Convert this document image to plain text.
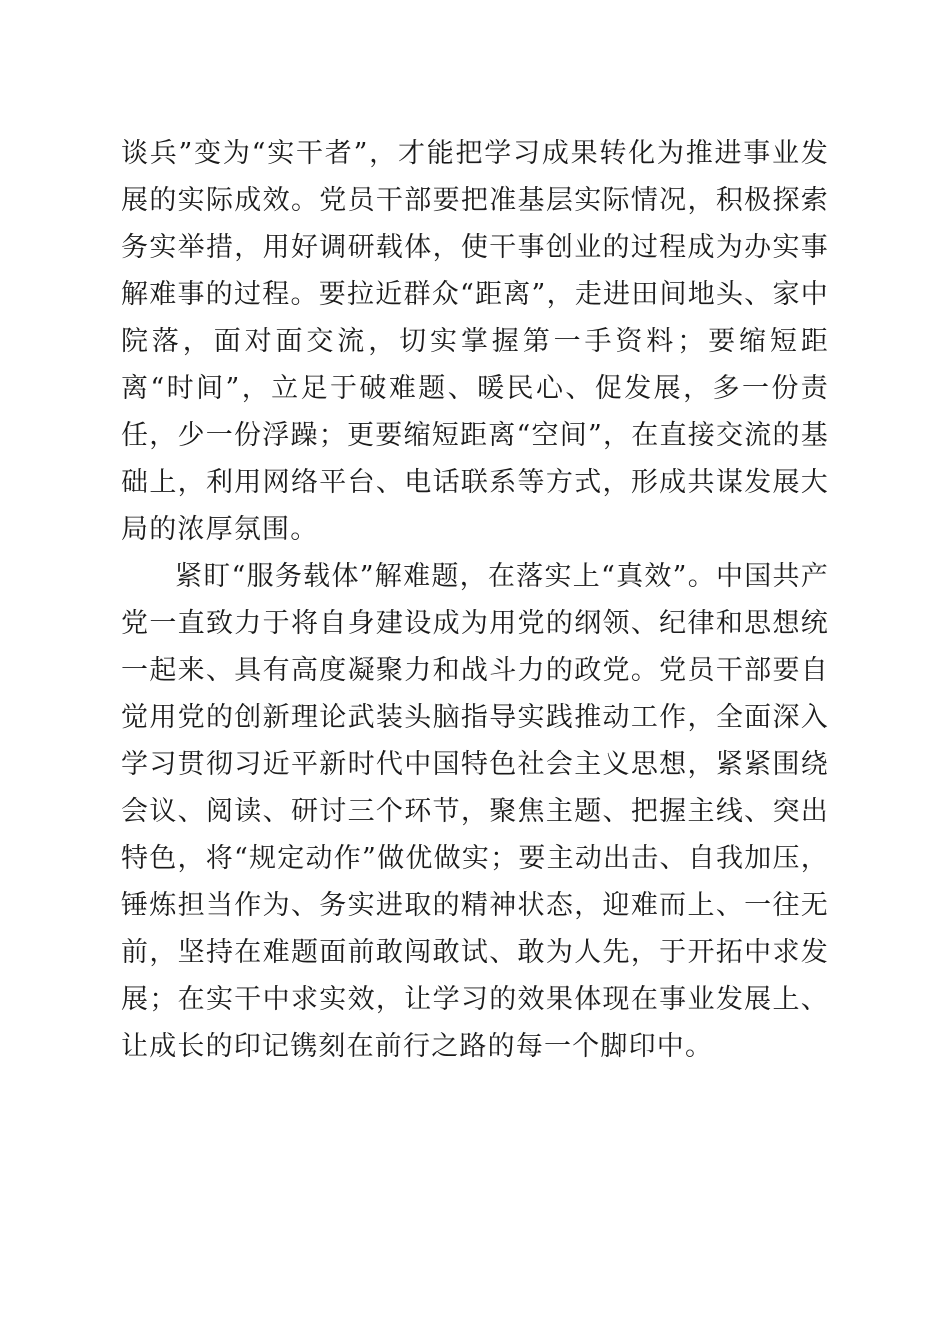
谈兵”变为“实干者”，才能把学习成果转化为推进事业发展的实际成效。党员干部要把准基层实际情况，积极探索务实举措，用好调研载体，使干事创业的过程成为办实事解难事的过程。要拉近群众“距离”，走进田间地头、家中院落，面对面交流，切实掌握第一手资料；要缩短距离“时间”，立足于破难题、暖民心、促发展，多一份责任，少一份浮躁；更要缩短距离“空间”，在直接交流的基础上，利用网络平台、电话联系等方式，形成共谋发展大局的浓厚氛围。

紧盯“服务载体”解难题，在落实上“真效”。中国共产党一直致力于将自身建设成为用党的纲领、纪律和思想统一起来、具有高度凝聚力和战斗力的政党。党员干部要自觉用党的创新理论武装头脑指导实践推动工作，全面深入学习贯彻习近平新时代中国特色社会主义思想，紧紧围绕会议、阅读、研讨三个环节，聚焦主题、把握主线、突出特色，将“规定动作”做优做实；要主动出击、自我加压，锤炼担当作为、务实进取的精神状态，迎难而上、一往无前，坚持在难题面前敢闯敢试、敢为人先，于开拓中求发展；在实干中求实效，让学习的效果体现在事业发展上、让成长的印记镌刻在前行之路的每一个脚印中。
